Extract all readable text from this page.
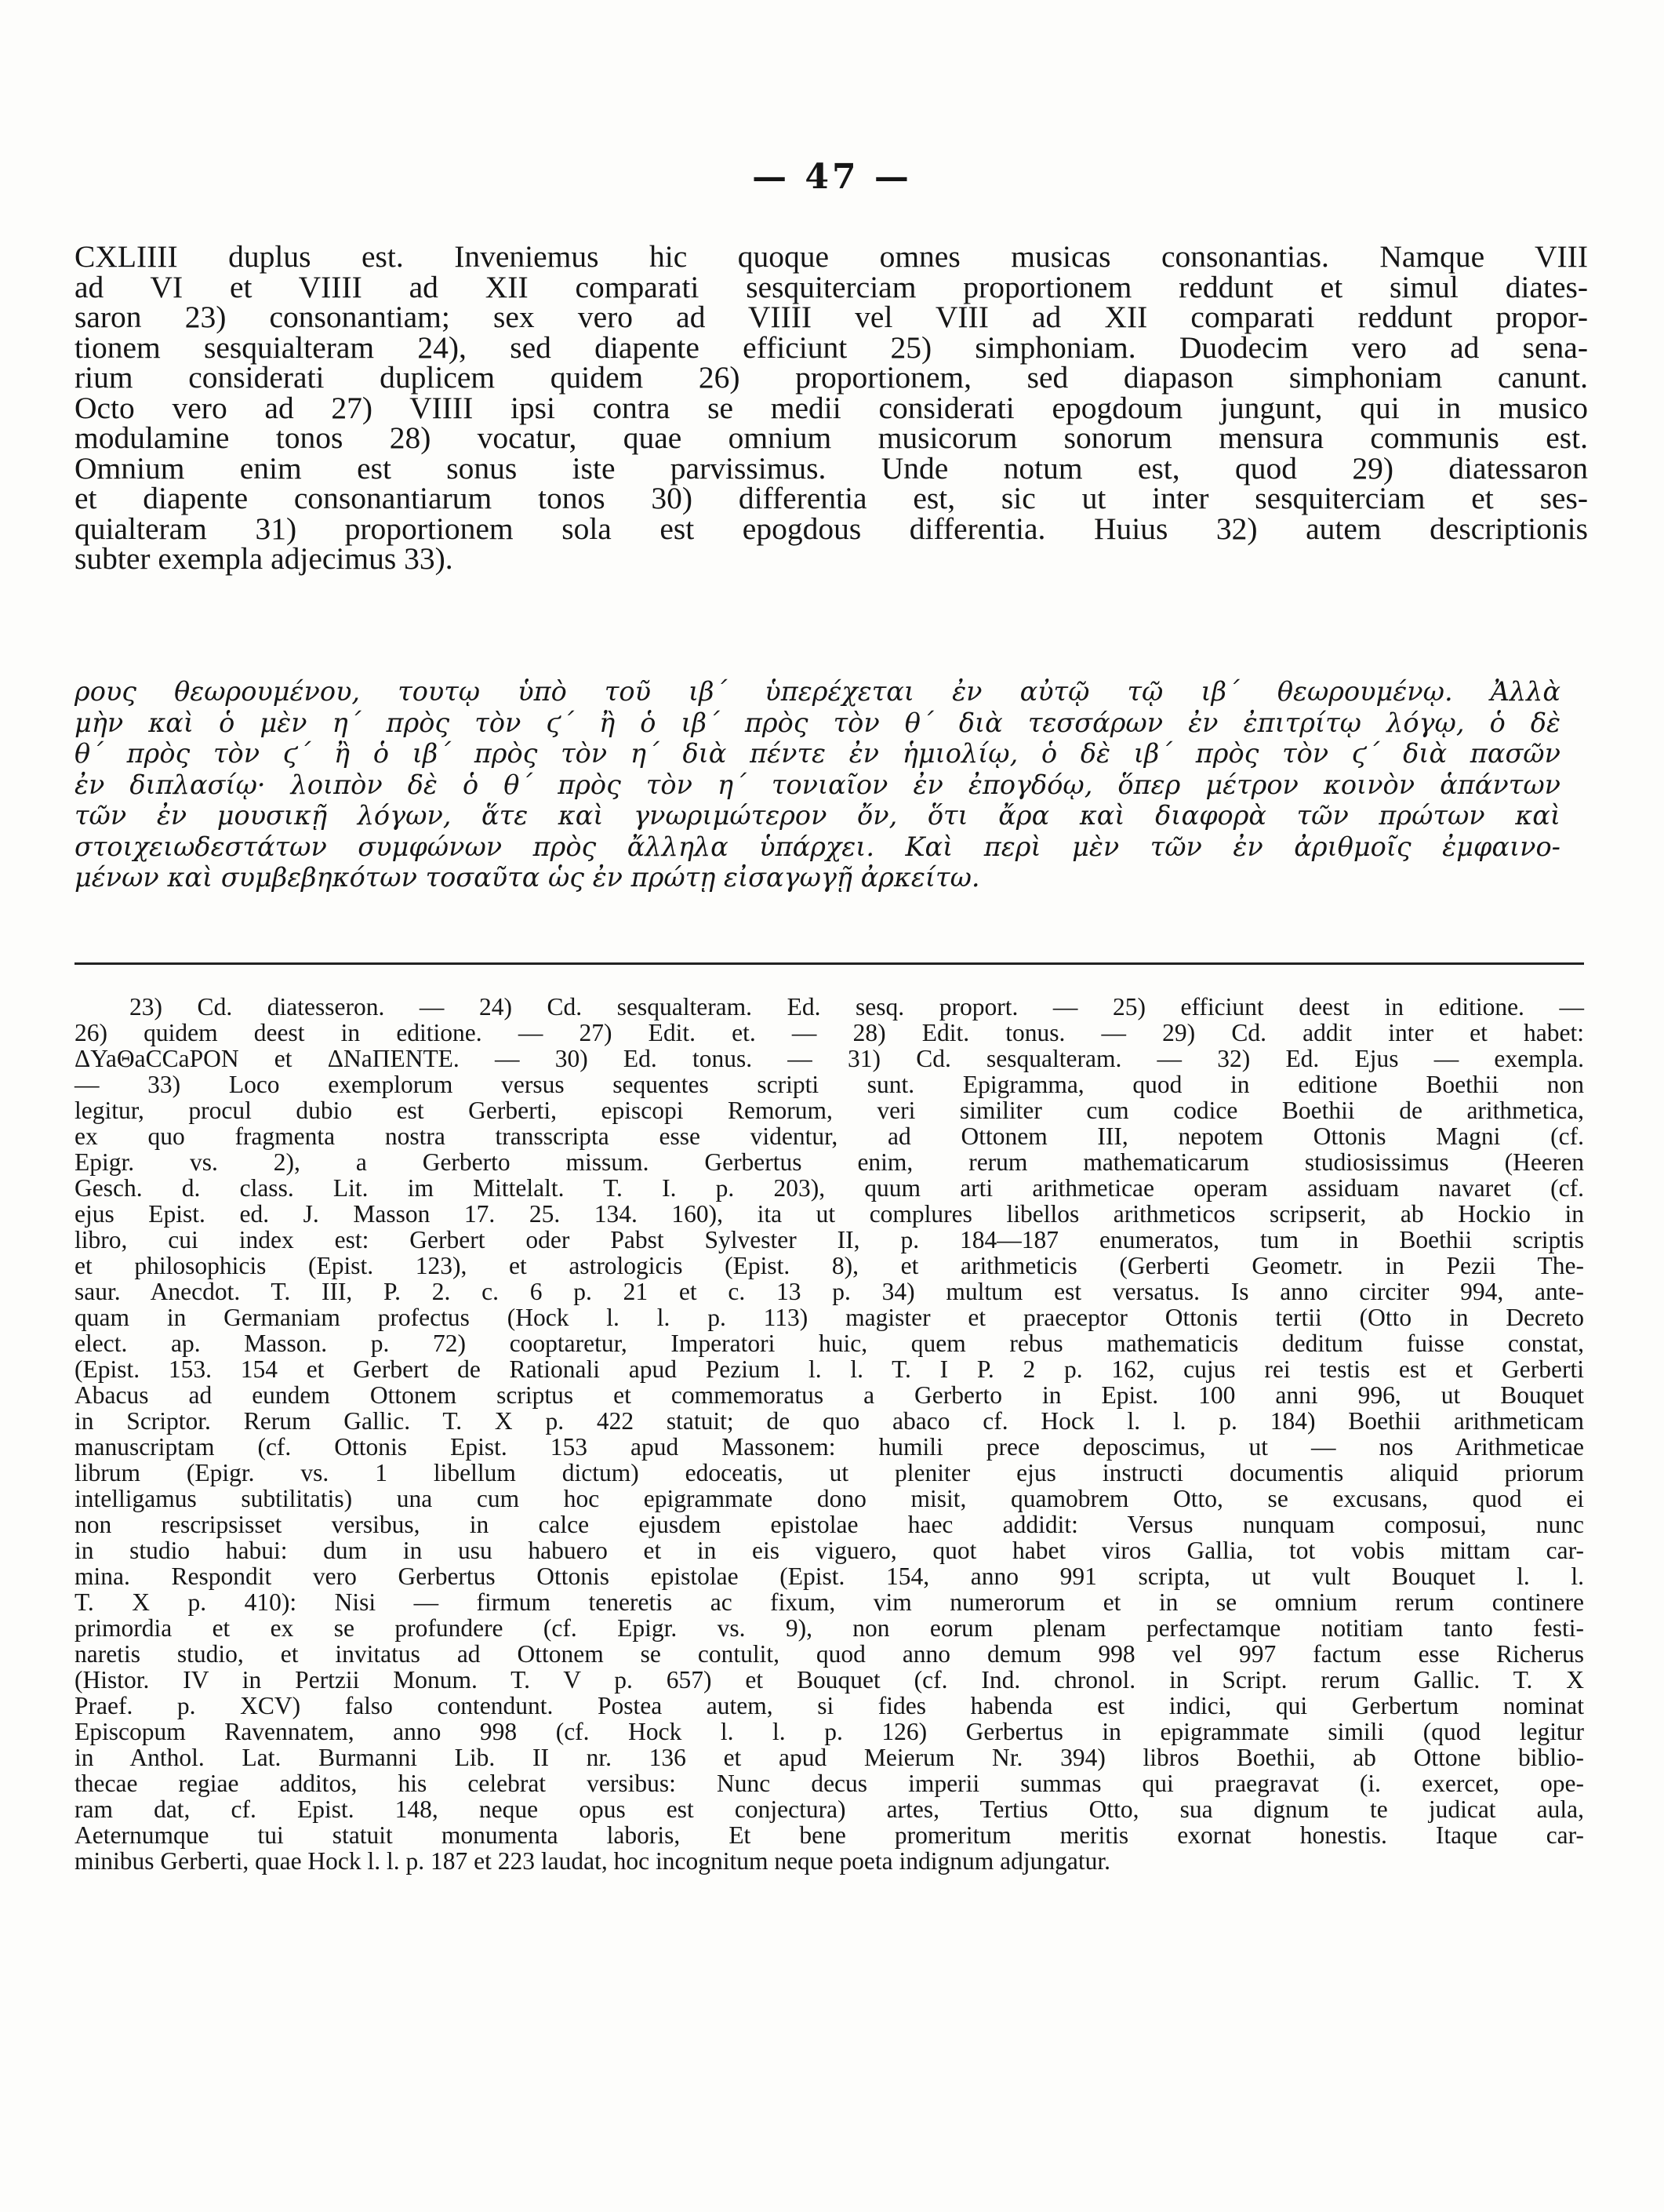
— 47 —
CXLIIII duplus est. Inveniemus hic quoque omnes musicas consonantias. Namque VIII
ad VI et VIIII ad XII comparati sesquiterciam proportionem reddunt et simul diates-
saron 23) consonantiam; sex vero ad VIIII vel VIII ad XII comparati reddunt propor-
tionem sesquialteram 24), sed diapente efficiunt 25) simphoniam. Duodecim vero ad sena-
rium considerati duplicem quidem 26) proportionem, sed diapason simphoniam canunt.
Octo vero ad 27) VIIII ipsi contra se medii considerati epogdoum jungunt, qui in musico
modulamine tonos 28) vocatur, quae omnium musicorum sonorum mensura communis est.
Omnium enim est sonus iste parvissimus. Unde notum est, quod 29) diatessaron
et diapente consonantiarum tonos 30) differentia est, sic ut inter sesquiterciam et ses-
quialteram 31) proportionem sola est epogdous differentia. Huius 32) autem descriptionis
subter exempla adjecimus 33).
ρους θεωρουμένου, τουτῳ ὑπὸ τοῦ ιβ΄ ὑπερέχεται ἐν αὐτῷ τῷ ιβ΄ θεωρουμένῳ. Ἀλλὰ
μὴν καὶ ὁ μὲν η΄ πρὸς τὸν ϛ΄ ἢ ὁ ιβ΄ πρὸς τὸν θ΄ διὰ τεσσάρων ἐν ἐπιτρίτῳ λόγῳ, ὁ δὲ
θ΄ πρὸς τὸν ϛ΄ ἢ ὁ ιβ΄ πρὸς τὸν η΄ διὰ πέντε ἐν ἡμιολίῳ, ὁ δὲ ιβ΄ πρὸς τὸν ϛ΄ διὰ πασῶν
ἐν διπλασίῳ· λοιπὸν δὲ ὁ θ΄ πρὸς τὸν η΄ τονιαῖον ἐν ἐπογδόῳ, ὅπερ μέτρον κοινὸν ἁπάντων
τῶν ἐν μουσικῇ λόγων, ἅτε καὶ γνωριμώτερον ὄν, ὅτι ἄρα καὶ διαφορὰ τῶν πρώτων καὶ
στοιχειωδεστάτων συμφώνων πρὸς ἄλληλα ὑπάρχει. Καὶ περὶ μὲν τῶν ἐν ἀριθμοῖς ἐμφαινο-
μένων καὶ συμβεβηκότων τοσαῦτα ὡς ἐν πρώτῃ εἰσαγωγῇ ἀρκείτω.
23) Cd. diatesseron. — 24) Cd. sesqualteram. Ed. sesq. proport. — 25) efficiunt deest in editione. —
26) quidem deest in editione. — 27) Edit. et. — 28) Edit. tonus. — 29) Cd. addit inter et habet:
ΔYaΘaCCaPON et ΔNaΠENTE. — 30) Ed. tonus. — 31) Cd. sesqualteram. — 32) Ed. Ejus — exempla.
— 33) Loco exemplorum versus sequentes scripti sunt. Epigramma, quod in editione Boethii non
legitur, procul dubio est Gerberti, episcopi Remorum, veri similiter cum codice Boethii de arithmetica,
ex quo fragmenta nostra transscripta esse videntur, ad Ottonem III, nepotem Ottonis Magni (cf.
Epigr. vs. 2), a Gerberto missum. Gerbertus enim, rerum mathematicarum studiosissimus (Heeren
Gesch. d. class. Lit. im Mittelalt. T. I. p. 203), quum arti arithmeticae operam assiduam navaret (cf.
ejus Epist. ed. J. Masson 17. 25. 134. 160), ita ut complures libellos arithmeticos scripserit, ab Hockio in
libro, cui index est: Gerbert oder Pabst Sylvester II, p. 184—187 enumeratos, tum in Boethii scriptis
et philosophicis (Epist. 123), et astrologicis (Epist. 8), et arithmeticis (Gerberti Geometr. in Pezii The-
saur. Anecdot. T. III, P. 2. c. 6 p. 21 et c. 13 p. 34) multum est versatus. Is anno circiter 994, ante-
quam in Germaniam profectus (Hock l. l. p. 113) magister et praeceptor Ottonis tertii (Otto in Decreto
elect. ap. Masson. p. 72) cooptaretur, Imperatori huic, quem rebus mathematicis deditum fuisse constat,
(Epist. 153. 154 et Gerbert de Rationali apud Pezium l. l. T. I P. 2 p. 162, cujus rei testis est et Gerberti
Abacus ad eundem Ottonem scriptus et commemoratus a Gerberto in Epist. 100 anni 996, ut Bouquet
in Scriptor. Rerum Gallic. T. X p. 422 statuit; de quo abaco cf. Hock l. l. p. 184) Boethii arithmeticam
manuscriptam (cf. Ottonis Epist. 153 apud Massonem: humili prece deposcimus, ut — nos Arithmeticae
librum (Epigr. vs. 1 libellum dictum) edoceatis, ut pleniter ejus instructi documentis aliquid priorum
intelligamus subtilitatis) una cum hoc epigrammate dono misit, quamobrem Otto, se excusans, quod ei
non rescripsisset versibus, in calce ejusdem epistolae haec addidit: Versus nunquam composui, nunc
in studio habui: dum in usu habuero et in eis viguero, quot habet viros Gallia, tot vobis mittam car-
mina. Respondit vero Gerbertus Ottonis epistolae (Epist. 154, anno 991 scripta, ut vult Bouquet l. l.
T. X p. 410): Nisi — firmum teneretis ac fixum, vim numerorum et in se omnium rerum continere
primordia et ex se profundere (cf. Epigr. vs. 9), non eorum plenam perfectamque notitiam tanto festi-
naretis studio, et invitatus ad Ottonem se contulit, quod anno demum 998 vel 997 factum esse Richerus
(Histor. IV in Pertzii Monum. T. V p. 657) et Bouquet (cf. Ind. chronol. in Script. rerum Gallic. T. X
Praef. p. XCV) falso contendunt. Postea autem, si fides habenda est indici, qui Gerbertum nominat
Episcopum Ravennatem, anno 998 (cf. Hock l. l. p. 126) Gerbertus in epigrammate simili (quod legitur
in Anthol. Lat. Burmanni Lib. II nr. 136 et apud Meierum Nr. 394) libros Boethii, ab Ottone biblio-
thecae regiae additos, his celebrat versibus: Nunc decus imperii summas qui praegravat (i. exercet, ope-
ram dat, cf. Epist. 148, neque opus est conjectura) artes, Tertius Otto, sua dignum te judicat aula,
Aeternumque tui statuit monumenta laboris, Et bene promeritum meritis exornat honestis. Itaque car-
minibus Gerberti, quae Hock l. l. p. 187 et 223 laudat, hoc incognitum neque poeta indignum adjungatur.
